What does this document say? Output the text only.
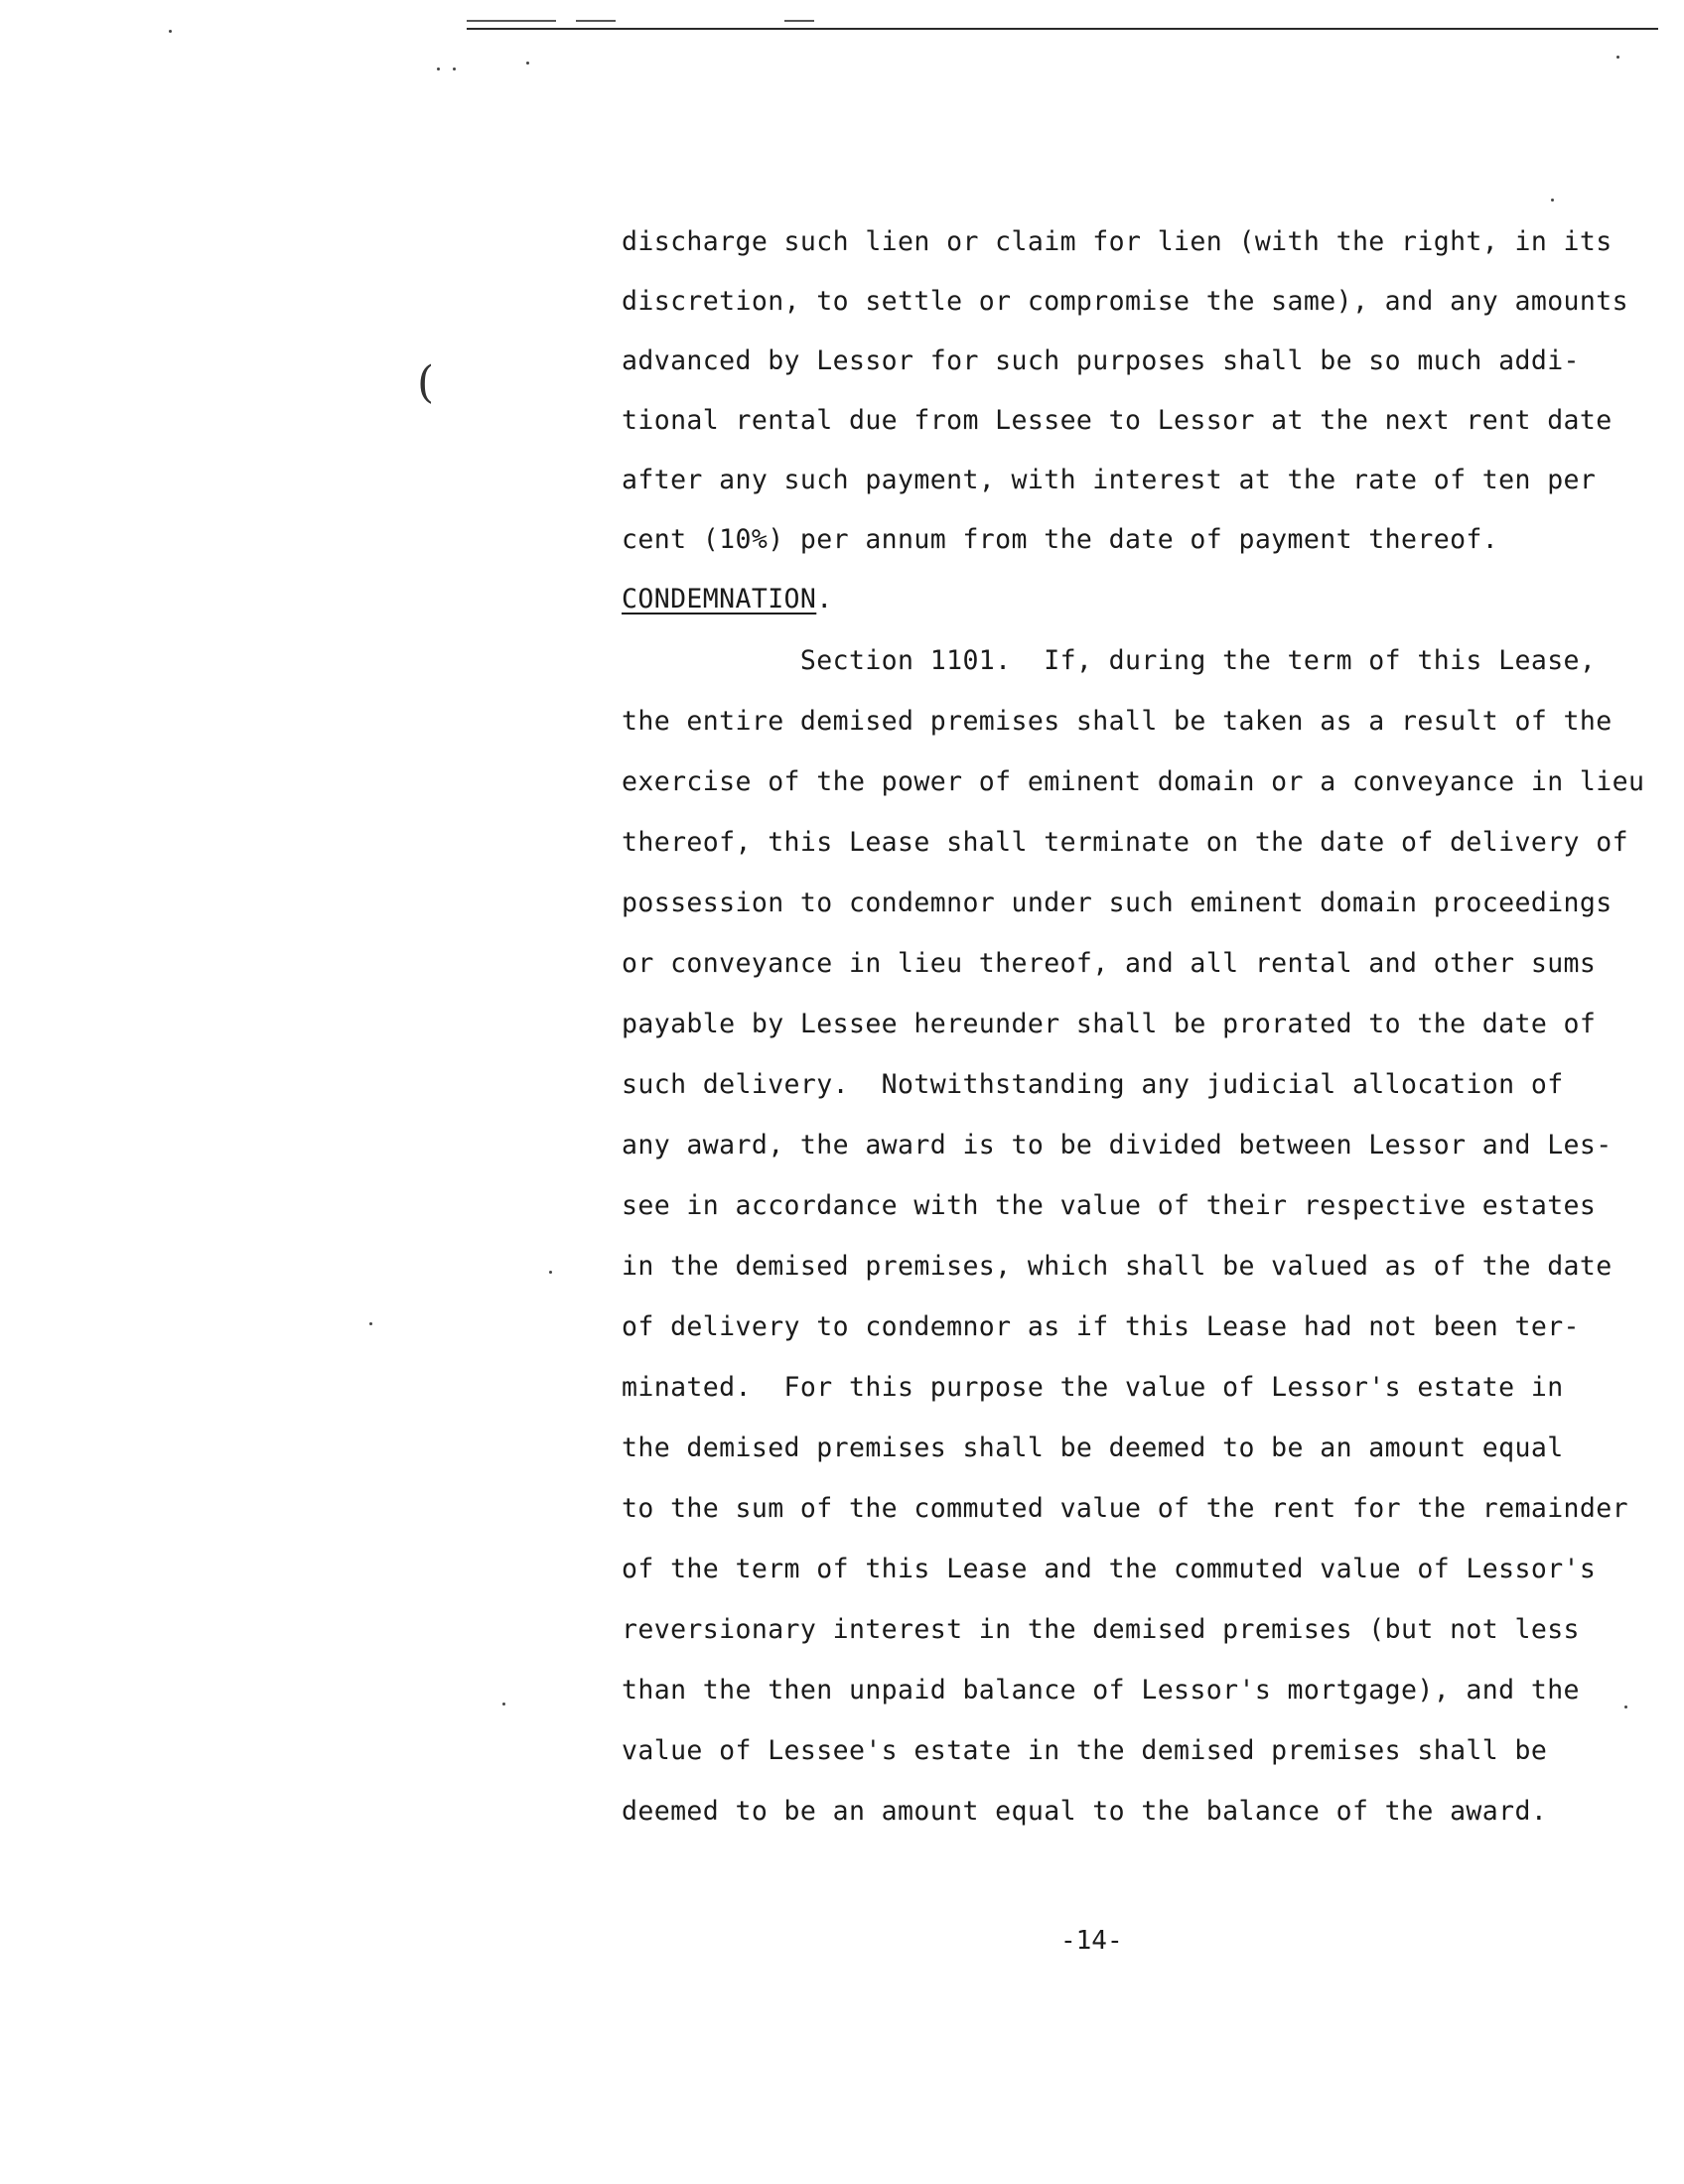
(
discharge such lien or claim for lien (with the right, in its
discretion, to settle or compromise the same), and any amounts
advanced by Lessor for such purposes shall be so much addi-
tional rental due from Lessee to Lessor at the next rent date
after any such payment, with interest at the rate of ten per
cent (10%) per annum from the date of payment thereof.
CONDEMNATION.
Section 1101.  If, during the term of this Lease,
the entire demised premises shall be taken as a result of the
exercise of the power of eminent domain or a conveyance in lieu
thereof, this Lease shall terminate on the date of delivery of
possession to condemnor under such eminent domain proceedings
or conveyance in lieu thereof, and all rental and other sums
payable by Lessee hereunder shall be prorated to the date of
such delivery.  Notwithstanding any judicial allocation of
any award, the award is to be divided between Lessor and Les-
see in accordance with the value of their respective estates
in the demised premises, which shall be valued as of the date
of delivery to condemnor as if this Lease had not been ter-
minated.  For this purpose the value of Lessor's estate in
the demised premises shall be deemed to be an amount equal
to the sum of the commuted value of the rent for the remainder
of the term of this Lease and the commuted value of Lessor's
reversionary interest in the demised premises (but not less
than the then unpaid balance of Lessor's mortgage), and the
value of Lessee's estate in the demised premises shall be
deemed to be an amount equal to the balance of the award.
-14-
